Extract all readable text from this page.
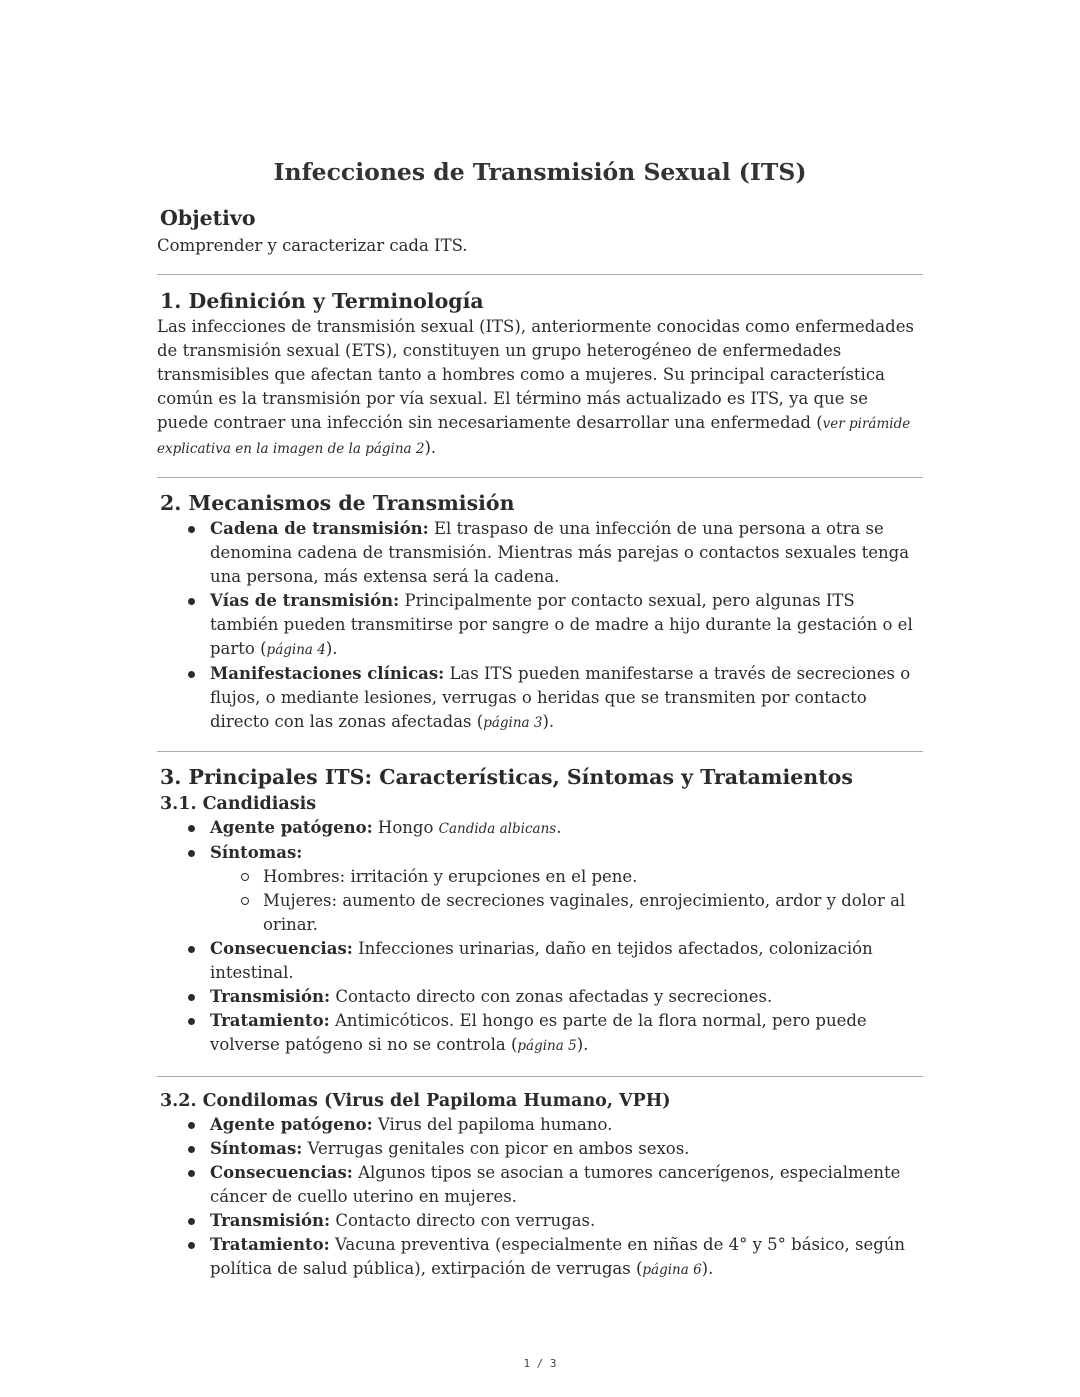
Infecciones de Transmisión Sexual (ITS)
Objetivo

Comprender y caracterizar cada ITS.

1. Definición y Terminología

Las infecciones de transmisión sexual (ITS), anteriormente conocidas como enfermedades de transmisión sexual (ETS), constituyen un grupo heterogéneo de enfermedades transmisibles que afectan tanto a hombres como a mujeres. Su principal característica común es la transmisión por vía sexual. El término más actualizado es ITS, ya que se puede contraer una infección sin necesariamente desarrollar una enfermedad (ver pirámide explicativa en la imagen de la página 2).

2. Mecanismos de Transmisión
Cadena de transmisión: El traspaso de una infección de una persona a otra se denomina cadena de transmisión. Mientras más parejas o contactos sexuales tenga una persona, más extensa será la cadena.
Vías de transmisión: Principalmente por contacto sexual, pero algunas ITS también pueden transmitirse por sangre o de madre a hijo durante la gestación o el parto (página 4).
Manifestaciones clínicas: Las ITS pueden manifestarse a través de secreciones o flujos, o mediante lesiones, verrugas o heridas que se transmiten por contacto directo con las zonas afectadas (página 3).
3. Principales ITS: Características, Síntomas y Tratamientos
3.1. Candidiasis
Agente patógeno: Hongo Candida albicans.
Síntomas:
Hombres: irritación y erupciones en el pene.
Mujeres: aumento de secreciones vaginales, enrojecimiento, ardor y dolor al orinar.
Consecuencias: Infecciones urinarias, daño en tejidos afectados, colonización intestinal.
Transmisión: Contacto directo con zonas afectadas y secreciones.
Tratamiento: Antimicóticos. El hongo es parte de la flora normal, pero puede volverse patógeno si no se controla (página 5).
3.2. Condilomas (Virus del Papiloma Humano, VPH)
Agente patógeno: Virus del papiloma humano.
Síntomas: Verrugas genitales con picor en ambos sexos.
Consecuencias: Algunos tipos se asocian a tumores cancerígenos, especialmente cáncer de cuello uterino en mujeres.
Transmisión: Contacto directo con verrugas.
Tratamiento: Vacuna preventiva (especialmente en niñas de 4° y 5° básico, según política de salud pública), extirpación de verrugas (página 6).
1 / 3
